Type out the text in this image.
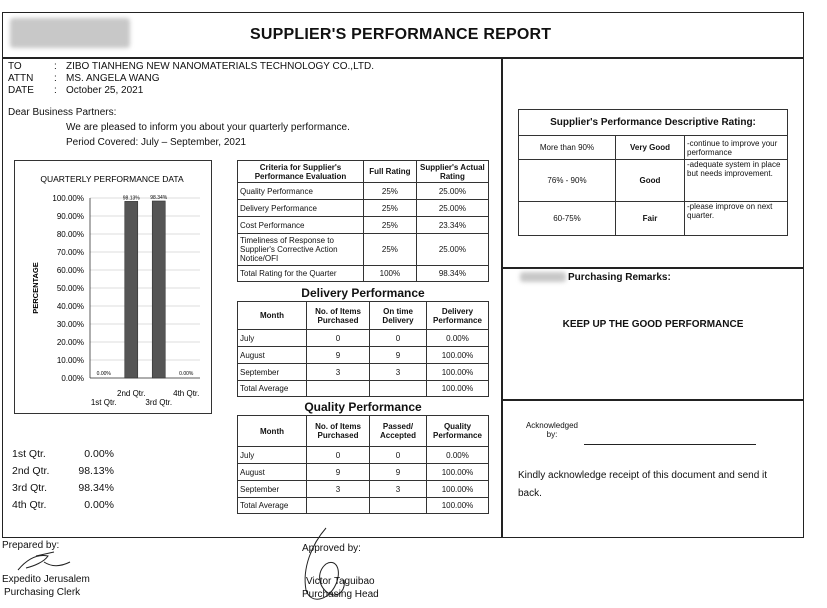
SUPPLIER'S PERFORMANCE REPORT
TO	: ZIBO TIANHENG NEW NANOMATERIALS TECHNOLOGY CO.,LTD.
ATTN : MS. ANGELA WANG
DATE : October 25, 2021
Dear Business Partners:
We are pleased to inform you about your quarterly performance.
Period Covered: July – September, 2021
QUARTERLY PERFORMANCE DATA
0.00%
10.00%
20.00%
30.00%
40.00%
50.00%
60.00%
70.00%
80.00%
90.00%
100.00%
PERCENTAGE
0.00%
1st Qtr.
98.13%
2nd Qtr.
98.34%
3rd Qtr.
0.00%
4th Qtr.
1st Qtr.	0.00%
2nd Qtr.	98.13%
3rd Qtr.	98.34%
4th Qtr.	0.00%
Criteria for Supplier's Performance Evaluation	Full Rating	Supplier's Actual Rating
Quality Performance	25%	25.00%
Delivery Performance	25%	25.00%
Cost Performance	25%	23.34%
Timeliness of Response to Supplier's Corrective Action Notice/OFI	25%	25.00%
Total Rating for the Quarter	100%	98.34%
Delivery Performance
Month	No. of Items Purchased	On time Delivery	Delivery Performance
July	0	0	0.00%
August	9	9	100.00%
September	3	3	100.00%
Total Average			100.00%
Quality Performance
Month	No. of Items Purchased	Passed/ Accepted	Quality Performance
July	0	0	0.00%
August	9	9	100.00%
September	3	3	100.00%
Total Average			100.00%
Supplier's Performance Descriptive Rating:		
More than 90%	Very Good	-continue to improve your performance
76% - 90%	Good	-adequate system in place but needs improvement.
60-75%	Fair	-please improve on next quarter.
Purchasing Remarks:
KEEP UP THE GOOD PERFORMANCE
Acknowledged by:
Kindly acknowledge receipt of this document and send it back.
Prepared by:
Expedito Jerusalem
Purchasing Clerk
Approved by:
Victor Taguibao
Purchasing Head
